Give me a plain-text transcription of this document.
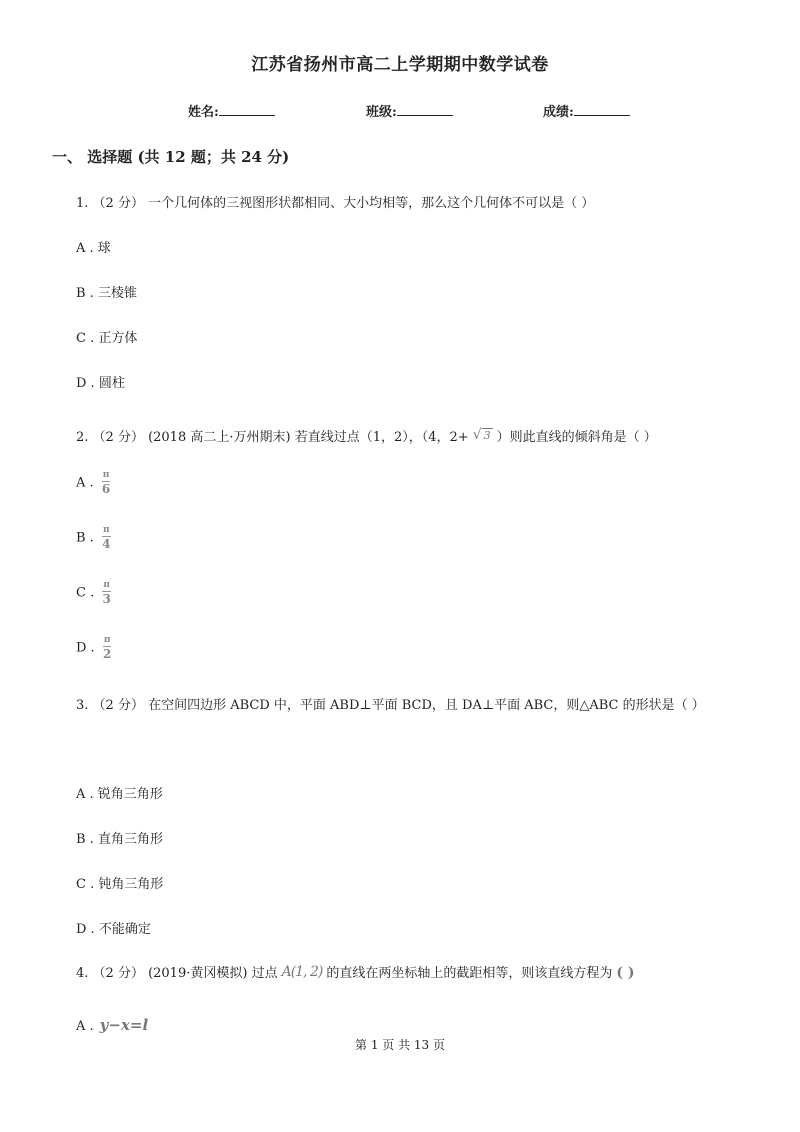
江苏省扬州市高二上学期期中数学试卷
姓名:	班级:	成绩:
一、 选择题 (共 12 题；共 24 分)
1. （2 分） 一个几何体的三视图形状都相同、大小均相等，那么这个几何体不可以是（ ）
A . 球
B . 三棱锥
C . 正方体
D . 圆柱
2. （2 分） (2018 高二上·万州期末) 若直线过点（1，2），（4，2+ √ 3 ）则此直线的倾斜角是（ ）
A . $\frac{\pi}{6}$
B . $\frac{\pi}{4}$
C . $\frac{\pi}{3}$
D . $\frac{\pi}{2}$
3. （2 分） 在空间四边形 ABCD 中，平面 ABD⊥平面 BCD，且 DA⊥平面 ABC，则△ABC 的形状是（ ）
A . 锐角三角形
B . 直角三角形
C . 钝角三角形
D . 不能确定
4. （2 分） (2019·黄冈模拟) 过点 A(1, 2) 的直线在两坐标轴上的截距相等，则该直线方程为 ( )
A . y−x=l
第 1 页 共 13 页
